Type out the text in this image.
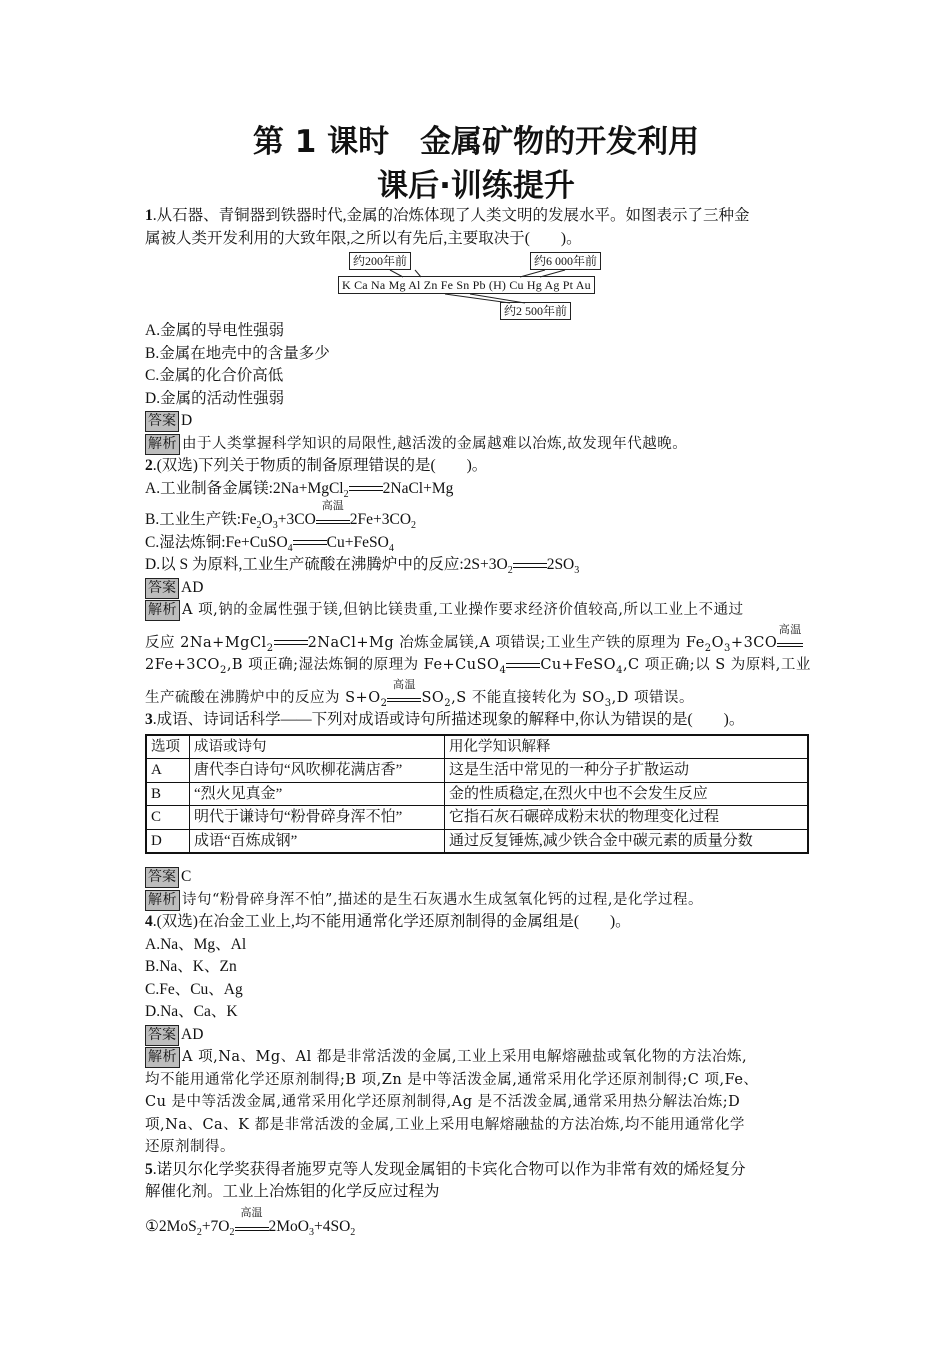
第 1 课时　金属矿物的开发利用
课后·训练提升
1.从石器、青铜器到铁器时代,金属的冶炼体现了人类文明的发展水平。如图表示了三种金
属被人类开发利用的大致年限,之所以有先后,主要取决于(　　)。
约200年前	约6 000年前
K Ca Na Mg Al Zn Fe Sn Pb (H) Cu Hg Ag Pt Au
约2 500年前
A.金属的导电性强弱
B.金属在地壳中的含量多少
C.金属的化合价高低
D.金属的活动性强弱
答案 D
解析 由于人类掌握科学知识的局限性,越活泼的金属越难以冶炼,故发现年代越晚。
2.(双选)下列关于物质的制备原理错误的是(　　)。
A.工业制备金属镁:2Na+MgCl$_2$ 2NaCl+Mg
B.工业生产铁$:Fe_2O_3+3CO$
高温
$2Fe+3CO_2$
C.湿法炼铜:Fe+CuSO$_4$ Cu+FeSO$_4$
D.以 S 为原料,工业生产硫酸在沸腾炉中的反应$:2S+3O_2$ $2SO_3$
答案 AD
解析 A 项,钠的金属性强于镁,但钠比镁贵重,工业操作要求经济价值较高,所以工业上不通过
反应 2Na+MgCl$_2$ 2NaCl+Mg 冶炼金属镁,A 项错误;工业生产铁的原理为 $Fe_2O_3+3CO$
高温
$2Fe+3CO_2,B$ 项正确;湿法炼铜的原理为 Fe+CuSO$_4$ Cu+FeSO$_4$,C 项正确;以 S 为原料,工业
生产硫酸在沸腾炉中的反应为 $S+O_2$
高温
$SO_2,S$ 不能直接转化为 $SO_3,D$ 项错误。
3.成语、诗词话科学——下列对成语或诗句所描述现象的解释中,你认为错误的是(　　)。
选项	成语或诗句	用化学知识解释
A	唐代李白诗句“风吹柳花满店香”	这是生活中常见的一种分子扩散运动
B	“烈火见真金”	金的性质稳定,在烈火中也不会发生反应
C	明代于谦诗句“粉骨碎身浑不怕”	它指石灰石碾碎成粉末状的物理变化过程
D	成语“百炼成钢”	通过反复锤炼,减少铁合金中碳元素的质量分数
答案 C
解析 诗句“粉骨碎身浑不怕”,描述的是生石灰遇水生成氢氧化钙的过程,是化学过程。
4.(双选)在冶金工业上,均不能用通常化学还原剂制得的金属组是(　　)。
A.Na、Mg、Al
B.Na、K、Zn
C.Fe、Cu、Ag
D.Na、Ca、K
答案 AD
解析 A 项,Na、Mg、Al 都是非常活泼的金属,工业上采用电解熔融盐或氧化物的方法冶炼,
均不能用通常化学还原剂制得;B 项,Zn 是中等活泼金属,通常采用化学还原剂制得;C 项,Fe、
Cu 是中等活泼金属,通常采用化学还原剂制得,Ag 是不活泼金属,通常采用热分解法冶炼;D
项,Na、Ca、K 都是非常活泼的金属,工业上采用电解熔融盐的方法冶炼,均不能用通常化学
还原剂制得。
5.诺贝尔化学奖获得者施罗克等人发现金属钼的卡宾化合物可以作为非常有效的烯烃复分
解催化剂。工业上冶炼钼的化学反应过程为
$①2MoS_2+7O_2$
高温
$2MoO_3+4SO_2$
